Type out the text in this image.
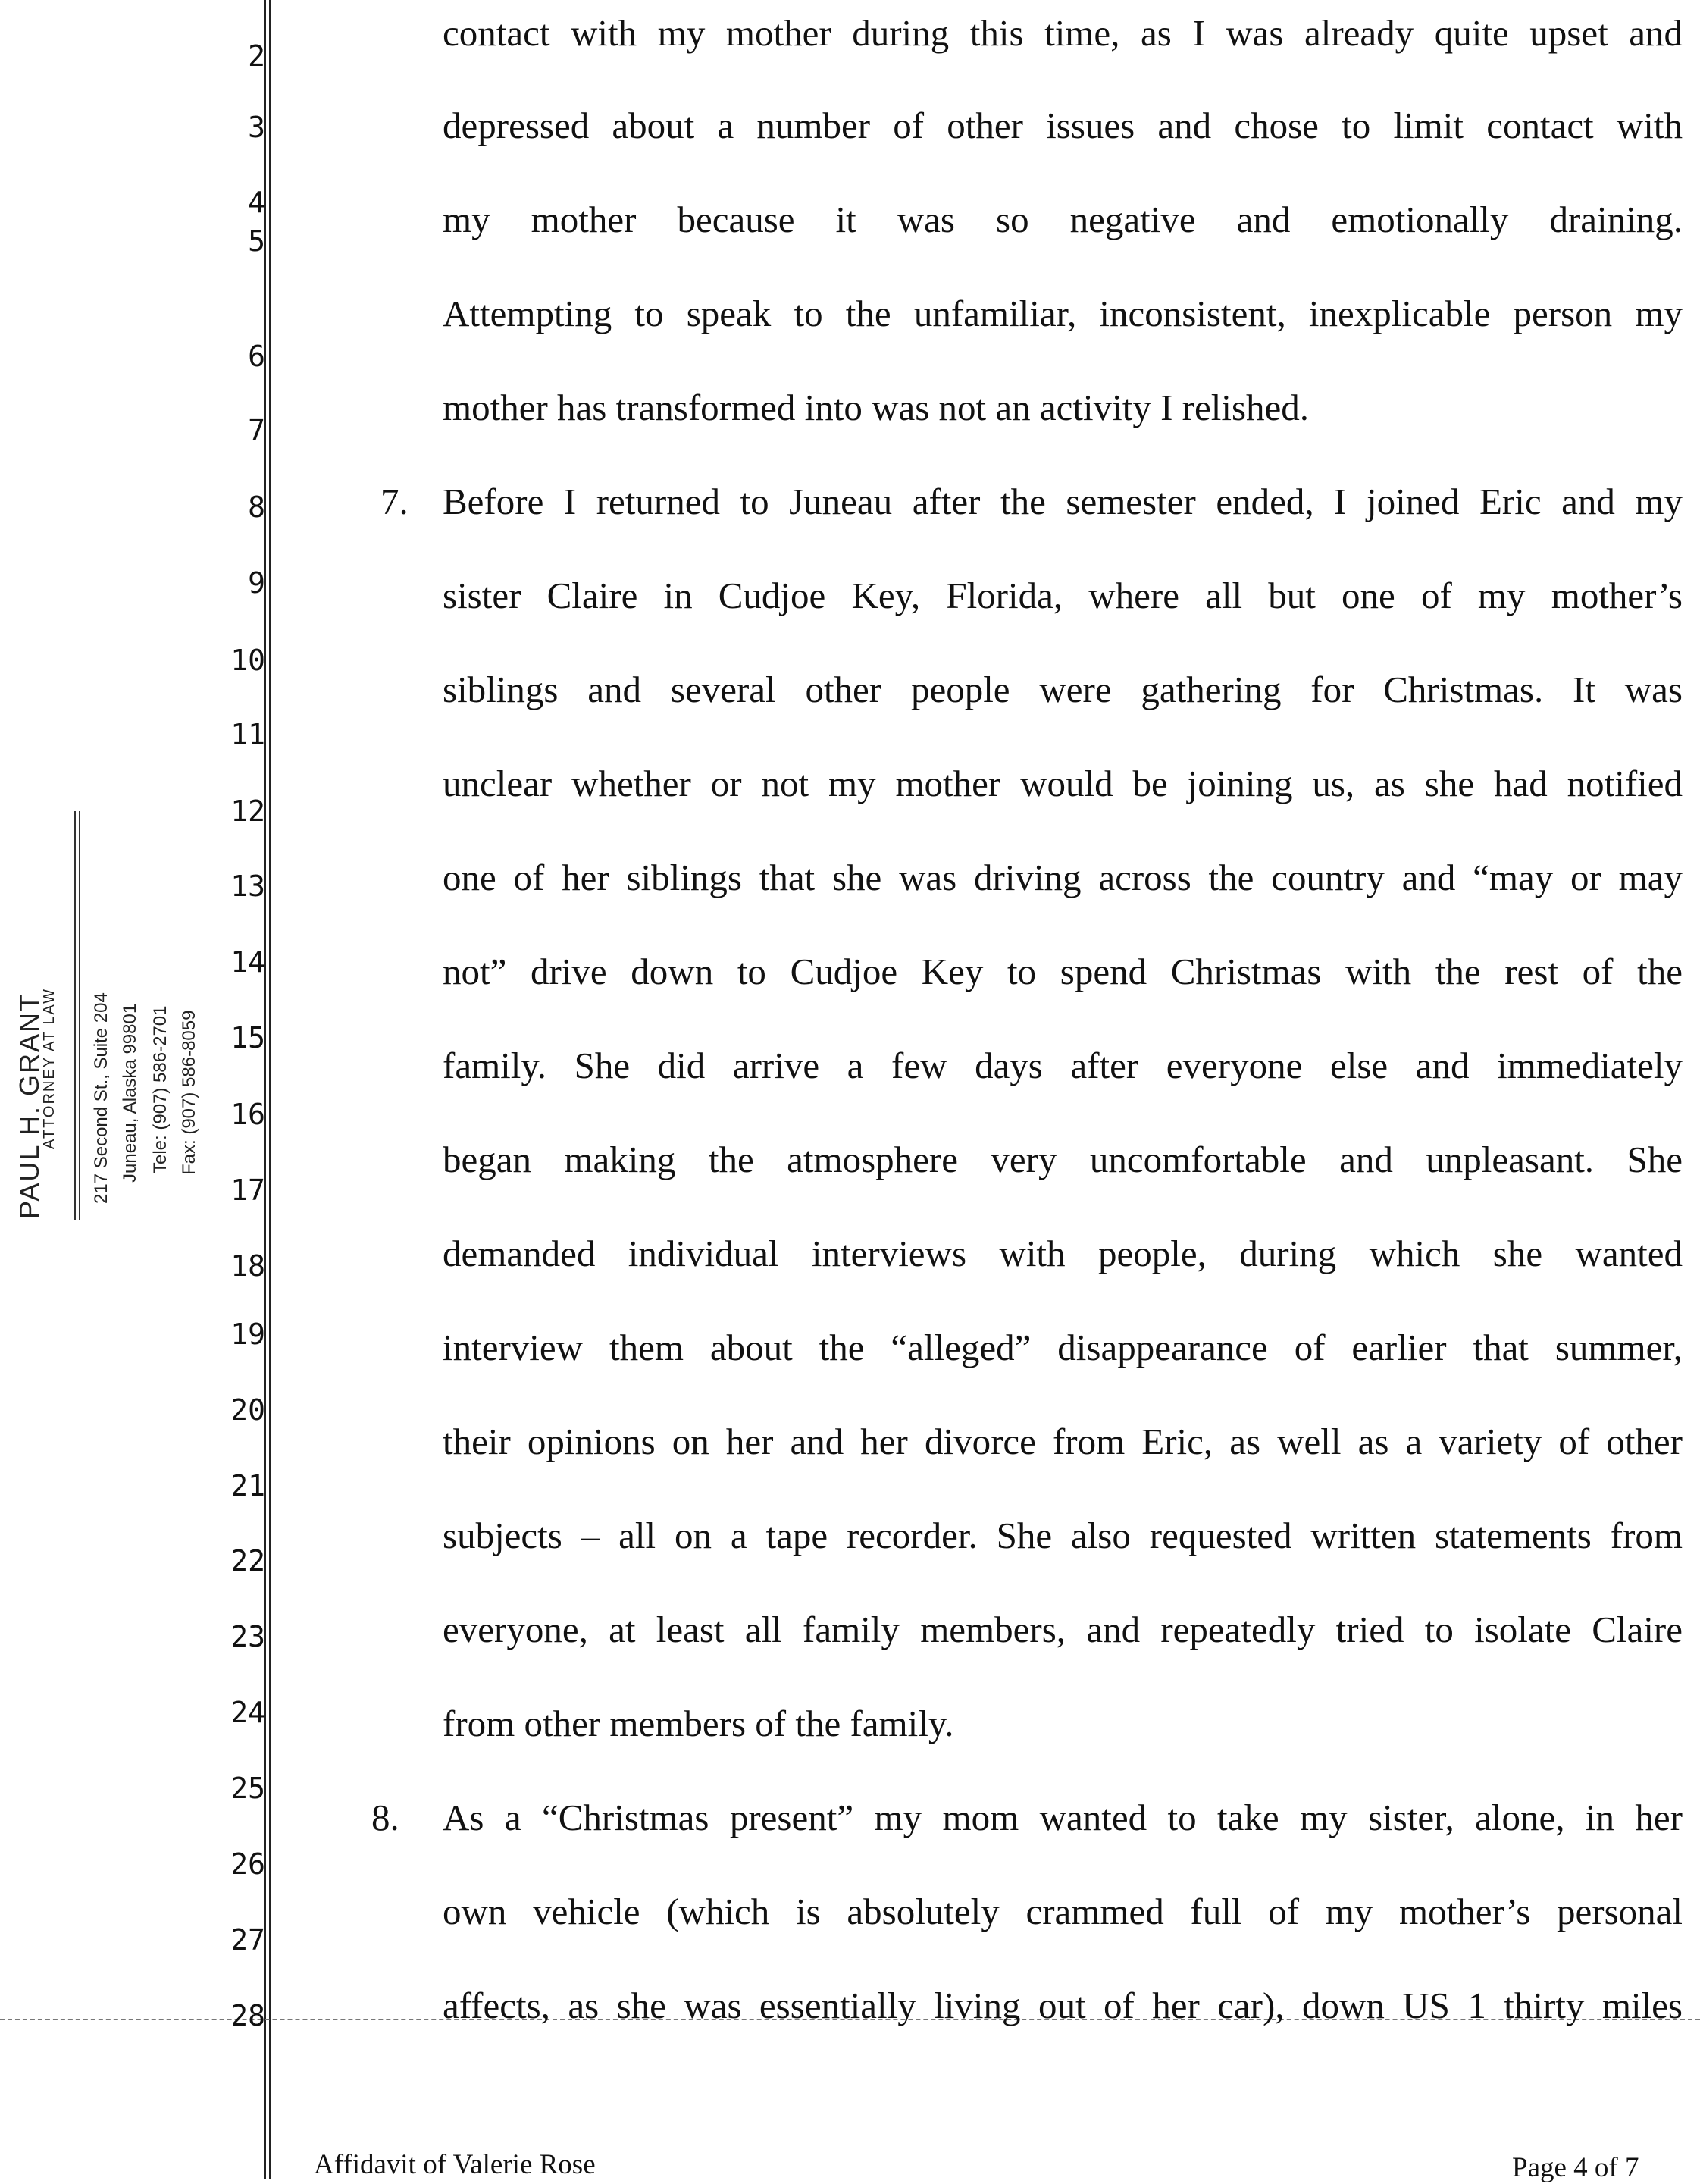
PAUL H. GRANT
ATTORNEY AT LAW 217 Second St., Suite 204 Juneau, Alaska 99801 Tele: (907) 586-2701 Fax: (907) 586-8059
2
3
4
5
6
7
8
9
10
11
12
13
14
15
16
17
18
19
20
21
22
23
24
25
26
27
28
contact with my mother during this time, as I was already quite upset and
depressed about a number of other issues and chose to limit contact with
my mother because it was so negative and emotionally draining.
Attempting to speak to the unfamiliar, inconsistent, inexplicable person my
mother has transformed into was not an activity I relished.
7. Before I returned to Juneau after the semester ended, I joined Eric and my
sister Claire in Cudjoe Key, Florida, where all but one of my mother’s
siblings and several other people were gathering for Christmas. It was
unclear whether or not my mother would be joining us, as she had notified
one of her siblings that she was driving across the country and “may or may
not” drive down to Cudjoe Key to spend Christmas with the rest of the
family. She did arrive a few days after everyone else and immediately
began making the atmosphere very uncomfortable and unpleasant. She
demanded individual interviews with people, during which she wanted
interview them about the “alleged” disappearance of earlier that summer,
their opinions on her and her divorce from Eric, as well as a variety of other
subjects – all on a tape recorder. She also requested written statements from
everyone, at least all family members, and repeatedly tried to isolate Claire
from other members of the family.
8.	As a “Christmas present” my mom wanted to take my sister, alone, in her
own vehicle (which is absolutely crammed full of my mother’s personal
affects, as she was essentially living out of her car), down US 1 thirty miles
Affidavit of Valerie Rose	Page 4 of 7
